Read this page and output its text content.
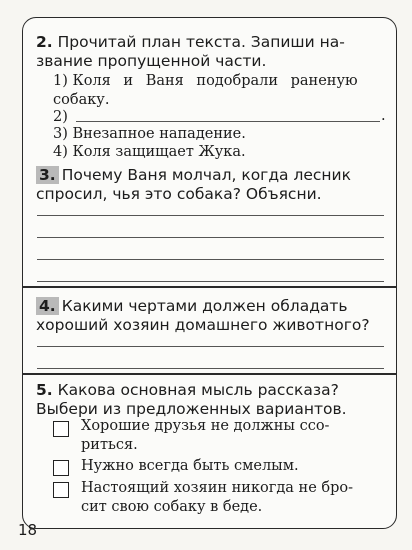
2. Прочитай план текста. Запиши на-
звание пропущенной части.
1) Коля и Ваня подобрали раненую
собаку.
2)	.
3) Внезапное нападение.
4) Коля защищает Жука.
3. Почему Ваня молчал, когда лесник
спросил, чья это собака? Объясни.
4. Какими чертами должен обладать
хороший хозяин домашнего животного?
5. Какова основная мысль рассказа?
Выбери из предложенных вариантов.
Хорошие друзья не должны ссо-
риться.
Нужно всегда быть смелым.
Настоящий хозяин никогда не бро-
сит свою собаку в беде.
18
